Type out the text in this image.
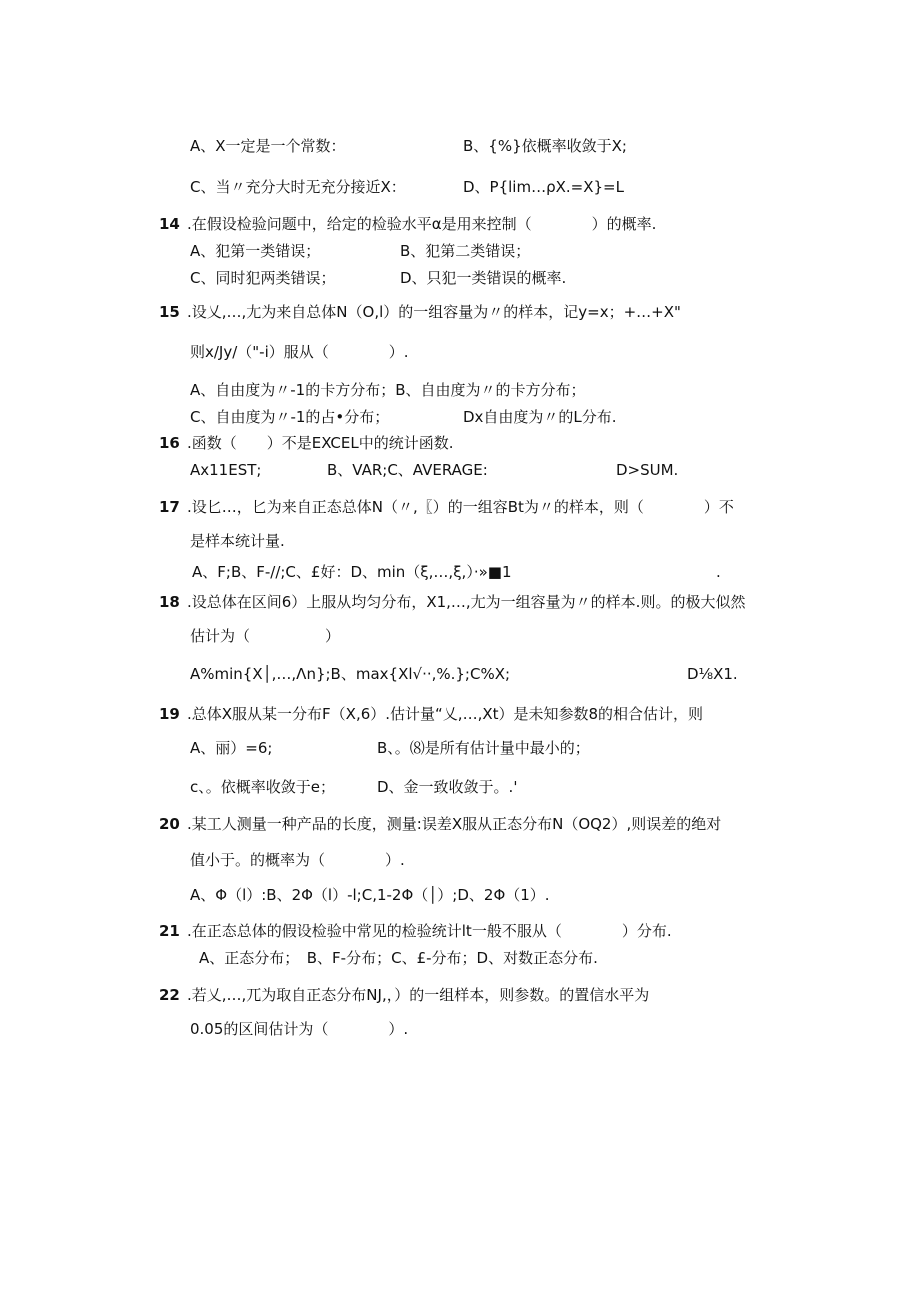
A、X一定是一个常数：	B、{%}依概率收敛于X;
C、当〃充分大时无充分接近X：	D、P{lim…ρX.=X}=L
14 .在假设检验问题中，给定的检验水平α是用来控制（　　　　）的概率.
A、犯第一类错误；	B、犯第二类错误；
C、同时犯两类错误；	D、只犯一类错误的概率.
15 .设乂,…,尢为来自总体N（O,l）的一组容量为〃的样本，记y=x；+…+X"
则x/Jy/（"-i）服从（　　　　）.
A、自由度为〃-1的卡方分布；B、自由度为〃的卡方分布；
C、自由度为〃-1的占•分布；	Dx自由度为〃的L分布.
16 .函数（　　）不是EXCEL中的统计函数.
Ax11EST;	B、VAR;C、AVERAGE:	D>SUM.
17 .设匕…，匕为来自正态总体N（〃,〖）的一组容Bt为〃的样本，则（　　　　）不
是样本统计量.
A、F;B、F-//;C、£好：D、min（ξ,…,ξ,）·»■1	.
18 .设总体在区间6）上服从均匀分布，X1,…,尢为一组容量为〃的样本.则。的极大似然
估计为（　　　　　）
A%min{X│,…,Λn};B、max{Xl√··,%.};C%X;	D⅛X1.
19 .总体X服从某一分布F（X,6）.估计量“乂,…,Xt）是未知参数8的相合估计，则
A、丽）=6;	B、。⑻是所有估计量中最小的；
c、。依概率收敛于e；	D、金一致收敛于。.'
20 .某工人测量一种产品的长度，测量:误差X服从正态分布N（OQ2）,则误差的绝对
值小于。的概率为（　　　　）.
A、Φ（l）:B、2Φ（l）-l;C,1-2Φ（│）;D、2Φ（1）.
21 .在正态总体的假设检验中常见的检验统计lt一般不服从（　　　　）分布.
A、正态分布；　B、F-分布；C、£-分布；D、对数正态分布.
22 .若乂,…,兀为取自正态分布NJ,，）的一组样本，则参数。的置信水平为
0.05的区间估计为（　　　　）.
